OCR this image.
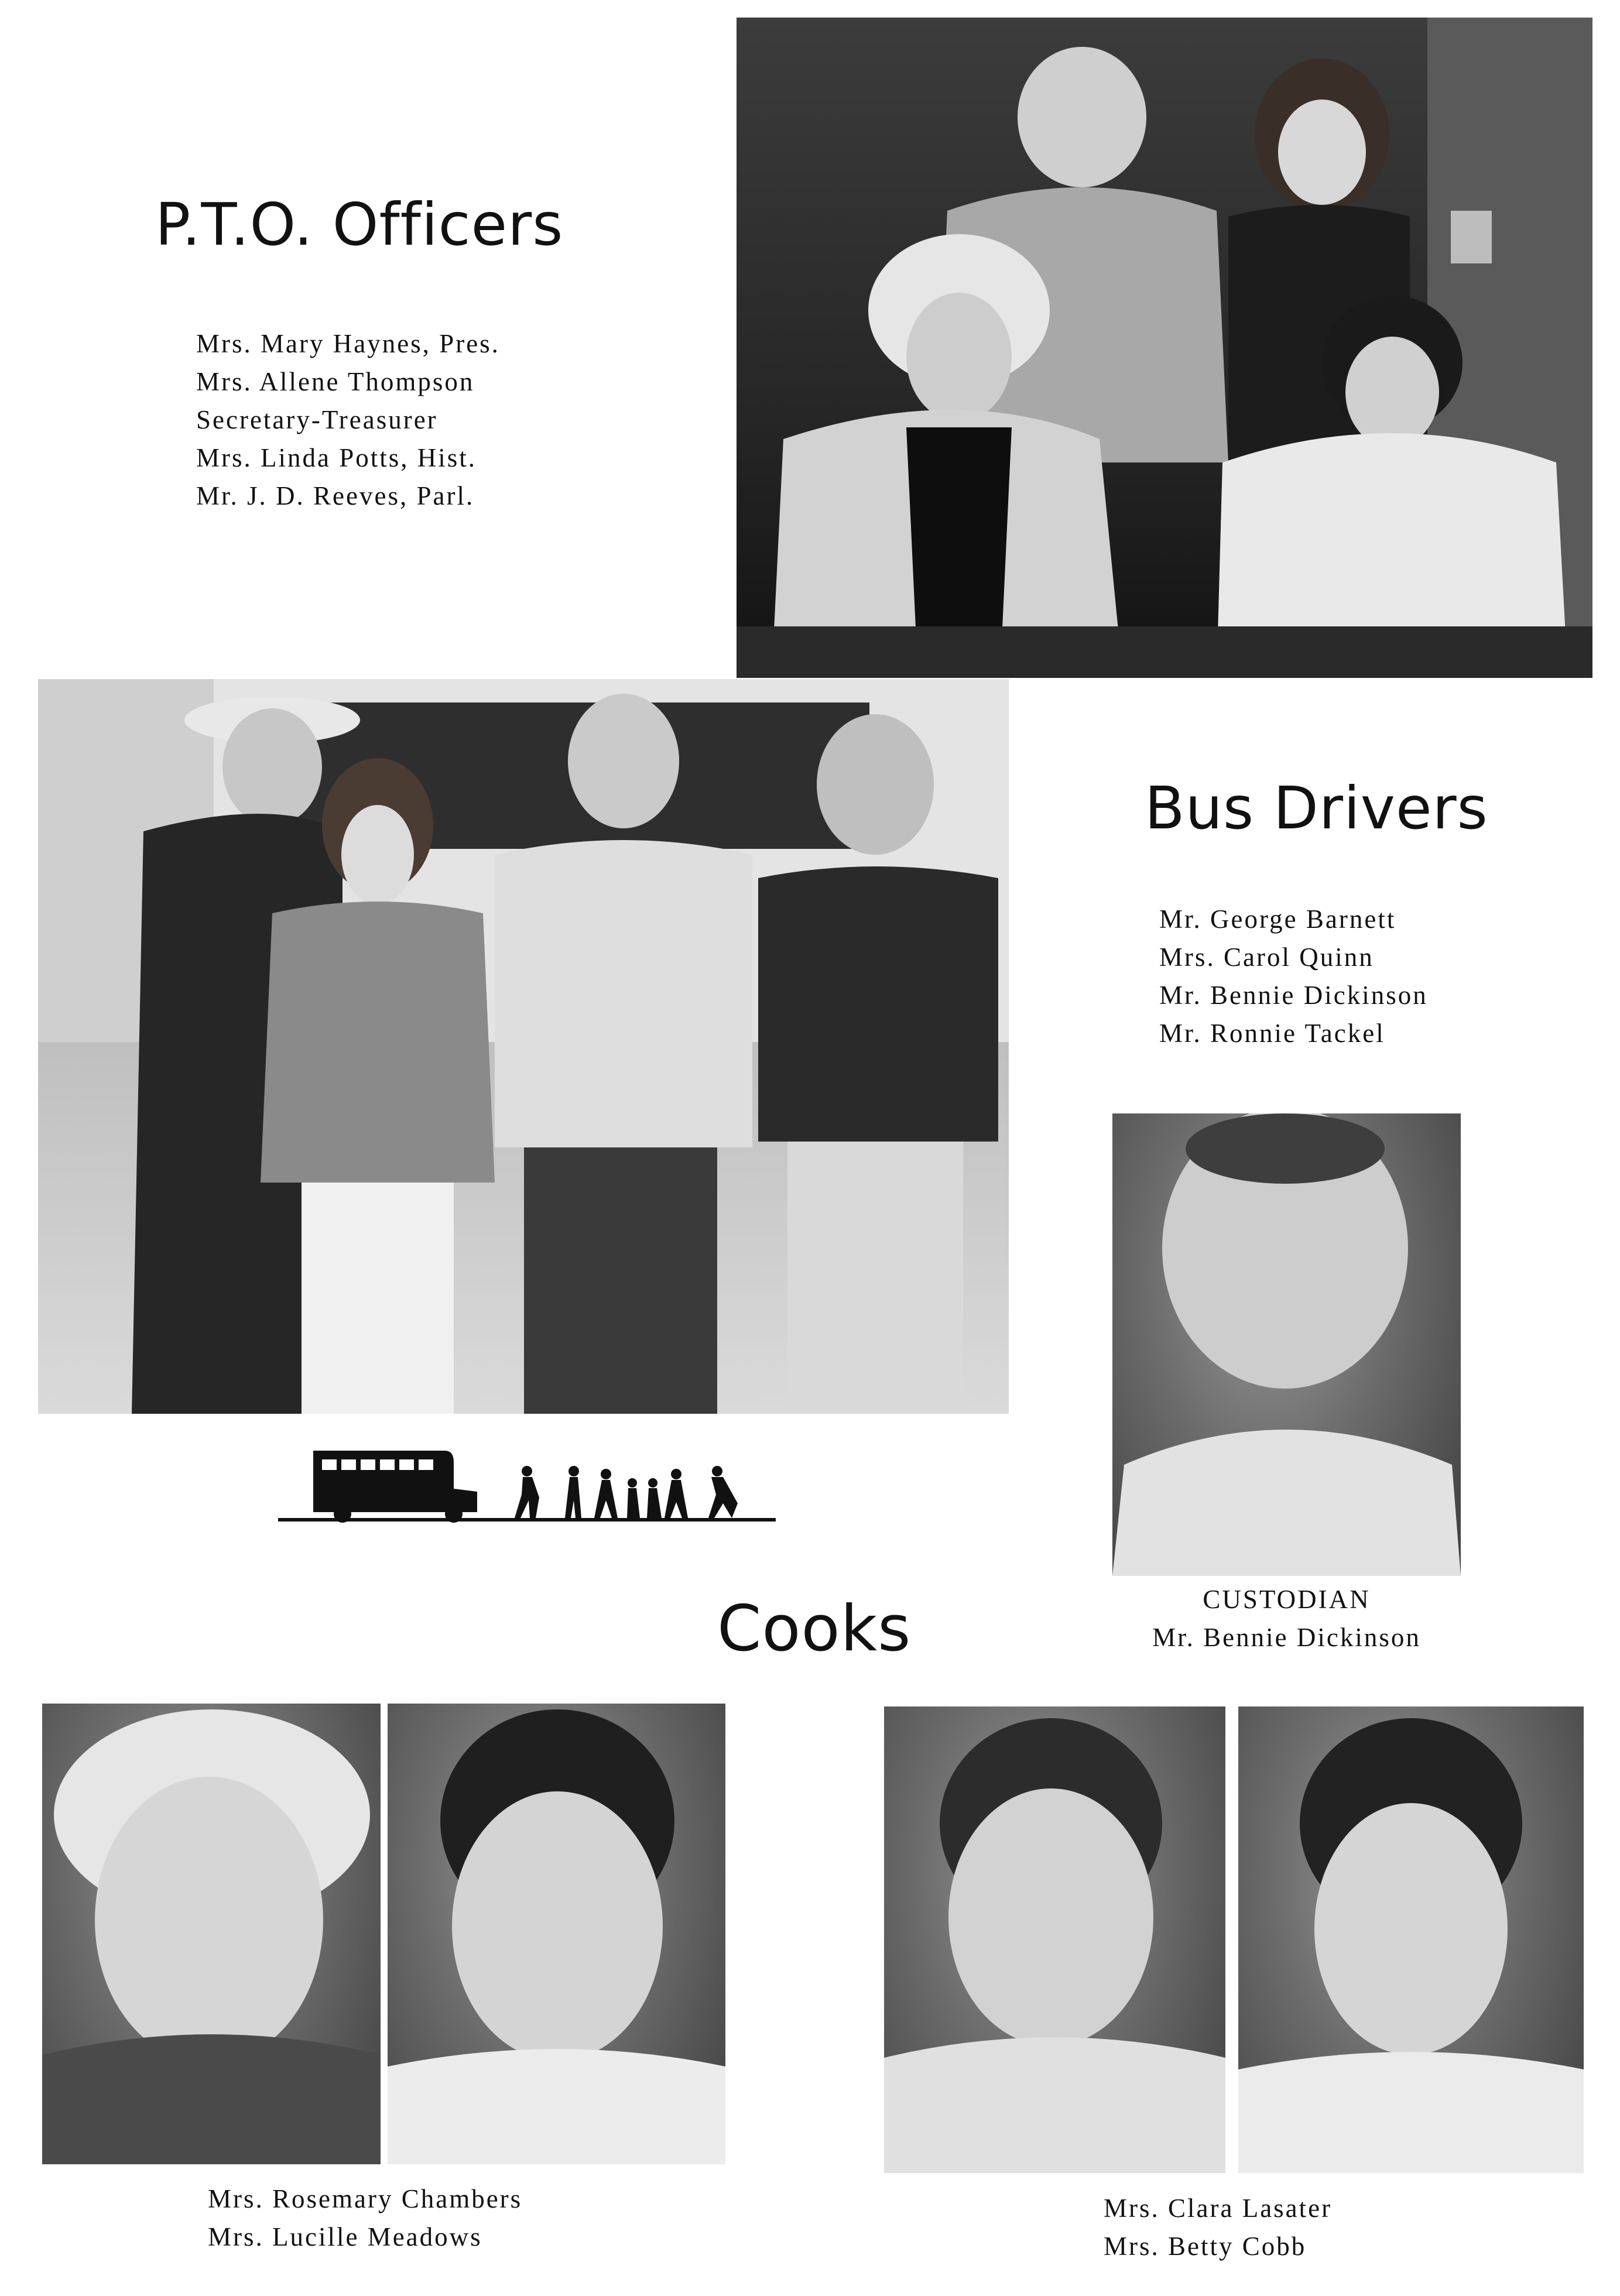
P.T.O. Officers
Mrs. Mary Haynes, Pres.
Mrs. Allene Thompson
Secretary-Treasurer
Mrs. Linda Potts, Hist.
Mr. J. D. Reeves, Parl.
Bus Drivers
Mr. George Barnett
Mrs. Carol Quinn
Mr. Bennie Dickinson
Mr. Ronnie Tackel
CUSTODIAN
Mr. Bennie Dickinson
Cooks
Mrs. Rosemary Chambers
Mrs. Lucille Meadows
Mrs. Clara Lasater
Mrs. Betty Cobb
